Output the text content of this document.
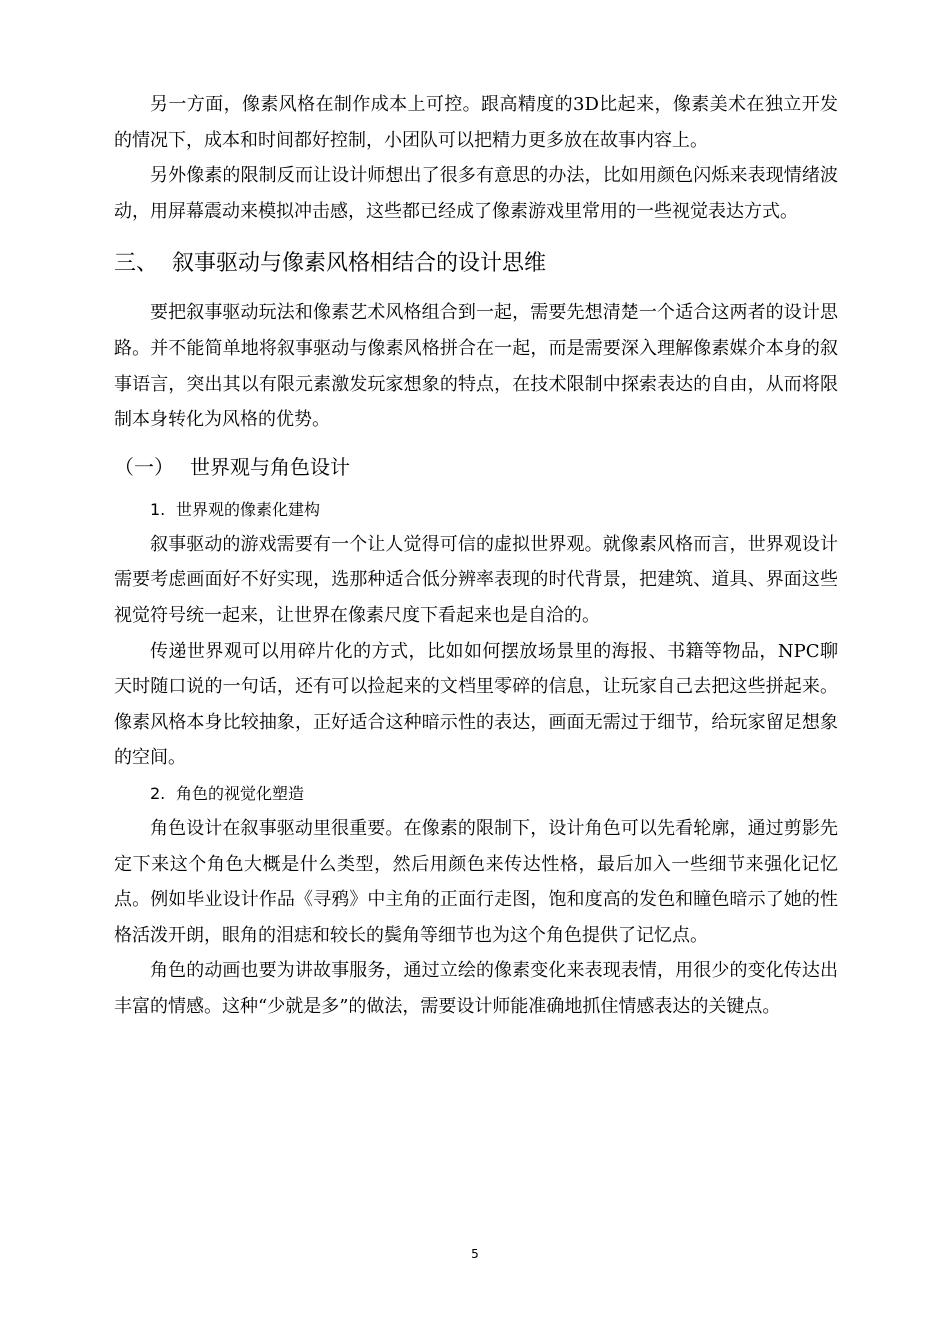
另一方面，像素风格在制作成本上可控。跟高精度的3D比起来，像素美术在独立开发的情况下，成本和时间都好控制，小团队可以把精力更多放在故事内容上。

另外像素的限制反而让设计师想出了很多有意思的办法，比如用颜色闪烁来表现情绪波动，用屏幕震动来模拟冲击感，这些都已经成了像素游戏里常用的一些视觉表达方式。

三、 叙事驱动与像素风格相结合的设计思维

要把叙事驱动玩法和像素艺术风格组合到一起，需要先想清楚一个适合这两者的设计思路。并不能简单地将叙事驱动与像素风格拼合在一起，而是需要深入理解像素媒介本身的叙事语言，突出其以有限元素激发玩家想象的特点，在技术限制中探索表达的自由，从而将限制本身转化为风格的优势。

（一） 世界观与角色设计
1. 世界观的像素化建构

叙事驱动的游戏需要有一个让人觉得可信的虚拟世界观。就像素风格而言，世界观设计需要考虑画面好不好实现，选那种适合低分辨率表现的时代背景，把建筑、道具、界面这些视觉符号统一起来，让世界在像素尺度下看起来也是自洽的。

传递世界观可以用碎片化的方式，比如如何摆放场景里的海报、书籍等物品，NPC聊天时随口说的一句话，还有可以捡起来的文档里零碎的信息，让玩家自己去把这些拼起来。像素风格本身比较抽象，正好适合这种暗示性的表达，画面无需过于细节，给玩家留足想象的空间。

2. 角色的视觉化塑造

角色设计在叙事驱动里很重要。在像素的限制下，设计角色可以先看轮廓，通过剪影先定下来这个角色大概是什么类型，然后用颜色来传达性格，最后加入一些细节来强化记忆点。例如毕业设计作品《寻鸦》中主角的正面行走图，饱和度高的发色和瞳色暗示了她的性格活泼开朗，眼角的泪痣和较长的鬓角等细节也为这个角色提供了记忆点。

角色的动画也要为讲故事服务，通过立绘的像素变化来表现表情，用很少的变化传达出丰富的情感。这种“少就是多”的做法，需要设计师能准确地抓住情感表达的关键点。

5
